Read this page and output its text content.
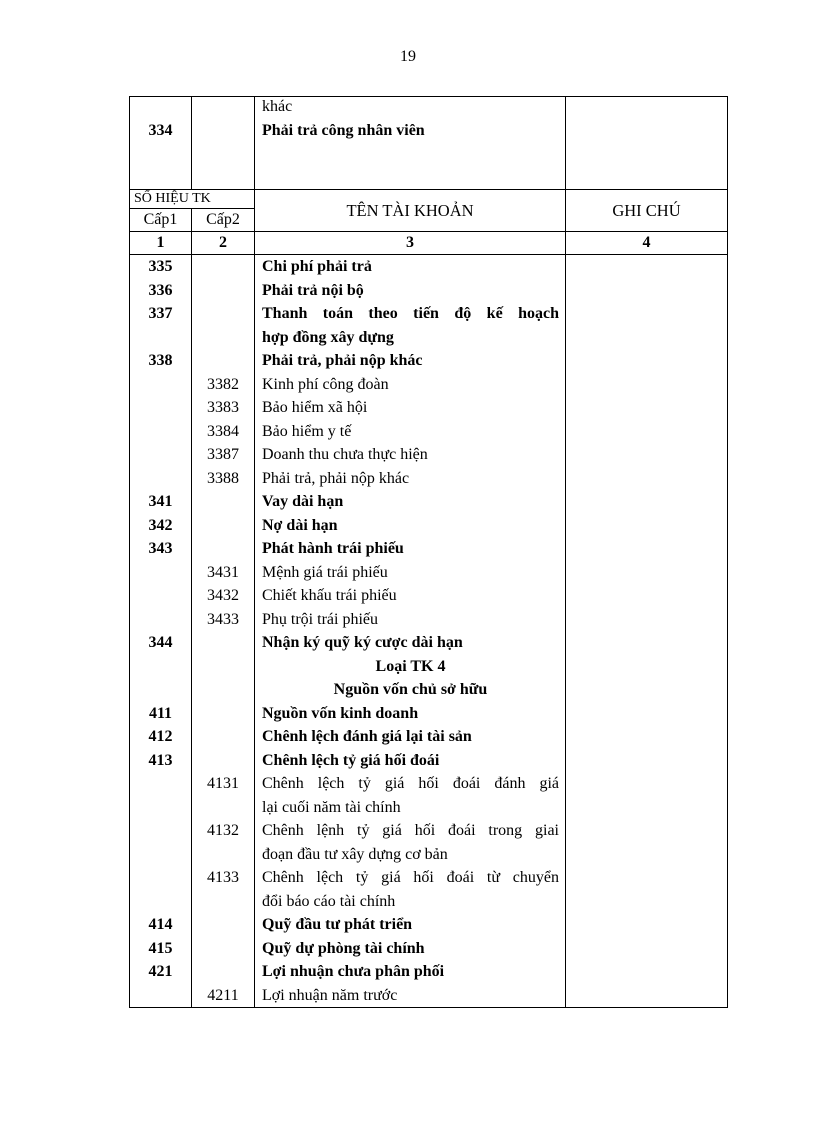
19

334		khác
Phải trả công nhân viên	
SỐ HIỆU TK		TÊN TÀI KHOẢN	GHI CHÚ
Cấp1	Cấp2		
1	2	3	4
335		Chi phí phải trả	
336		Phải trả nội bộ	
337		Thanh toán theo tiến độ kế hoạch	
		hợp đồng xây dựng	
338		Phải trả, phải nộp khác	
	3382	Kinh phí công đoàn	
	3383	Bảo hiểm xã hội	
	3384	Bảo hiểm y tế	
	3387	Doanh thu chưa thực hiện	
	3388	Phải trả, phải nộp khác	
341		Vay dài hạn	
342		Nợ dài hạn	
343		Phát hành trái phiếu	
	3431	Mệnh giá trái phiếu	
	3432	Chiết khấu trái phiếu	
	3433	Phụ trội trái phiếu	
344		Nhận ký quỹ ký cược dài hạn	
		Loại TK 4	
		Nguồn vốn chủ sở hữu	
411		Nguồn vốn kinh doanh	
412		Chênh lệch đánh giá lại tài sản	
413		Chênh lệch tỷ giá hối đoái	
	4131	Chênh lệch tỷ giá hối đoái đánh giá	
		lại cuối năm tài chính	
	4132	Chênh lệnh tỷ giá hối đoái trong giai	
		đoạn đầu tư xây dựng cơ bản	
	4133	Chênh lệch tỷ giá hối đoái từ chuyển	
		đổi báo cáo tài chính	
414		Quỹ đầu tư phát triển	
415		Quỹ dự phòng tài chính	
421		Lợi nhuận chưa phân phối	
	4211	Lợi nhuận năm trước	
